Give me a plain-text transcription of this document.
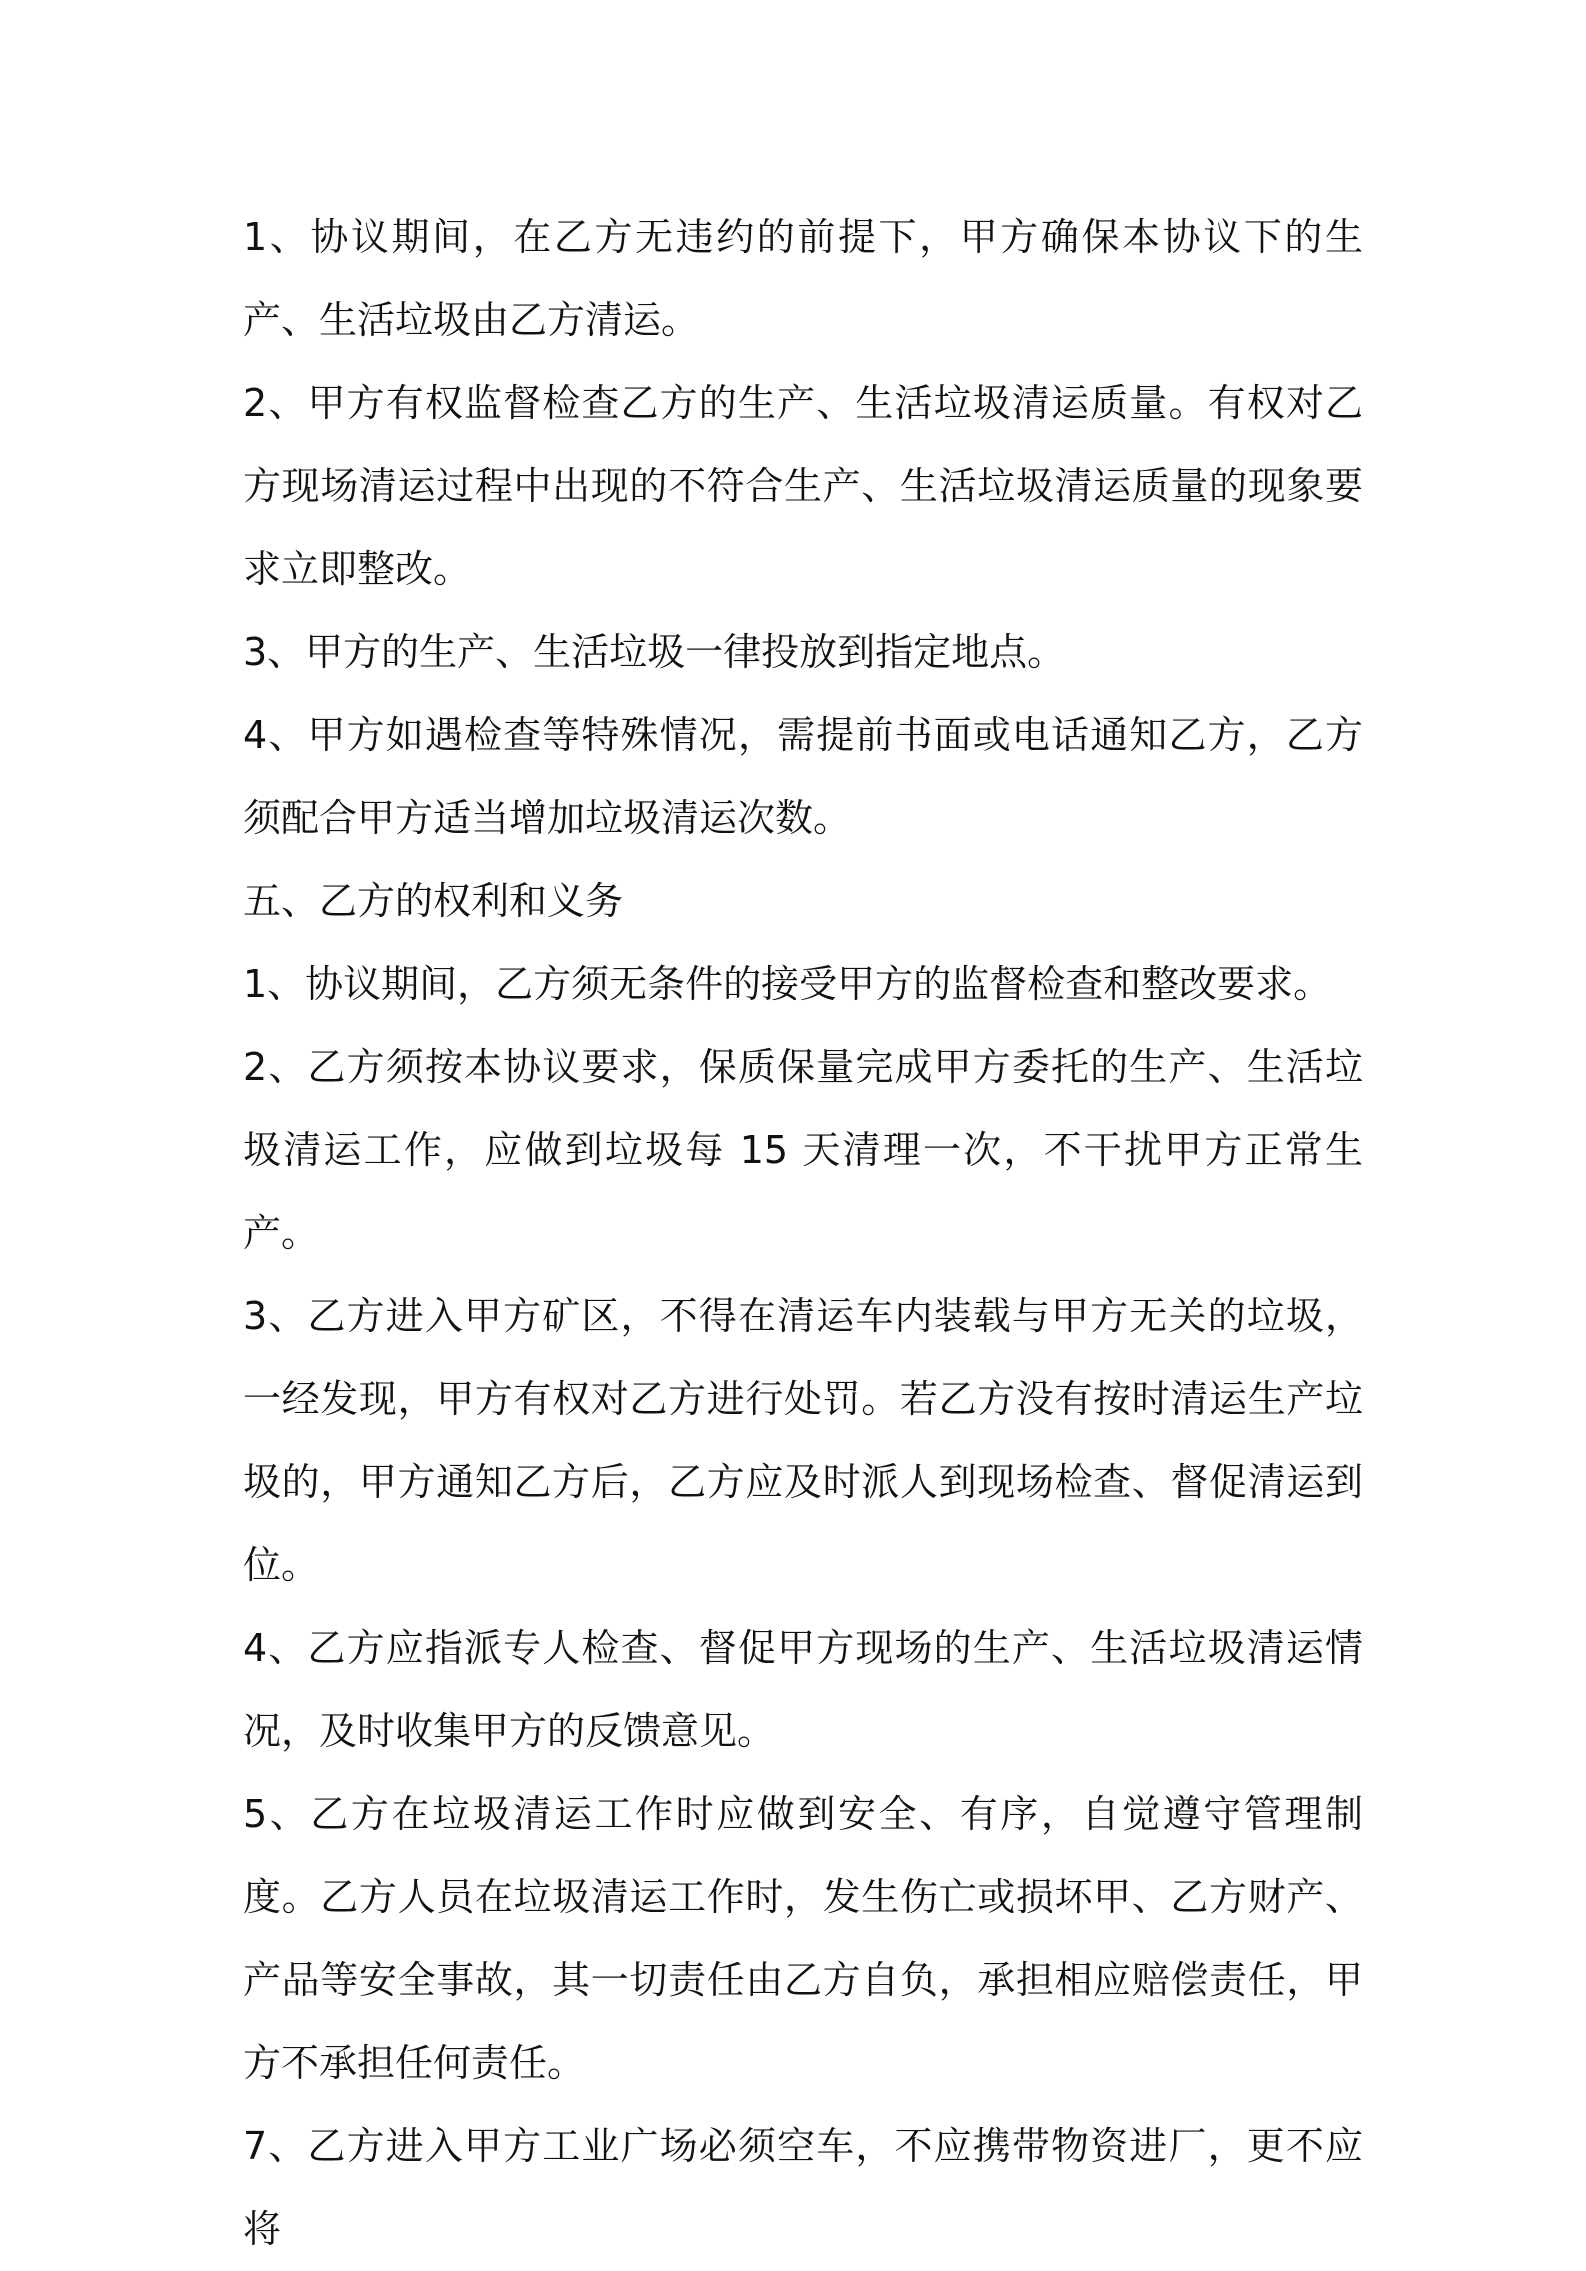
1、协议期间，在乙方无违约的前提下，甲方确保本协议下的生产、生活垃圾由乙方清运。

2、甲方有权监督检查乙方的生产、生活垃圾清运质量。有权对乙方现场清运过程中出现的不符合生产、生活垃圾清运质量的现象要求立即整改。

3、甲方的生产、生活垃圾一律投放到指定地点。

4、甲方如遇检查等特殊情况，需提前书面或电话通知乙方，乙方须配合甲方适当增加垃圾清运次数。

五、乙方的权利和义务

1、协议期间，乙方须无条件的接受甲方的监督检查和整改要求。

2、乙方须按本协议要求，保质保量完成甲方委托的生产、生活垃圾清运工作，应做到垃圾每 15 天清理一次，不干扰甲方正常生产。

3、乙方进入甲方矿区，不得在清运车内装载与甲方无关的垃圾，一经发现，甲方有权对乙方进行处罚。若乙方没有按时清运生产垃圾的，甲方通知乙方后，乙方应及时派人到现场检查、督促清运到位。

4、乙方应指派专人检查、督促甲方现场的生产、生活垃圾清运情况，及时收集甲方的反馈意见。

5、乙方在垃圾清运工作时应做到安全、有序，自觉遵守管理制度。乙方人员在垃圾清运工作时，发生伤亡或损坏甲、乙方财产、产品等安全事故，其一切责任由乙方自负，承担相应赔偿责任，甲方不承担任何责任。

7、乙方进入甲方工业广场必须空车，不应携带物资进厂，更不应将
